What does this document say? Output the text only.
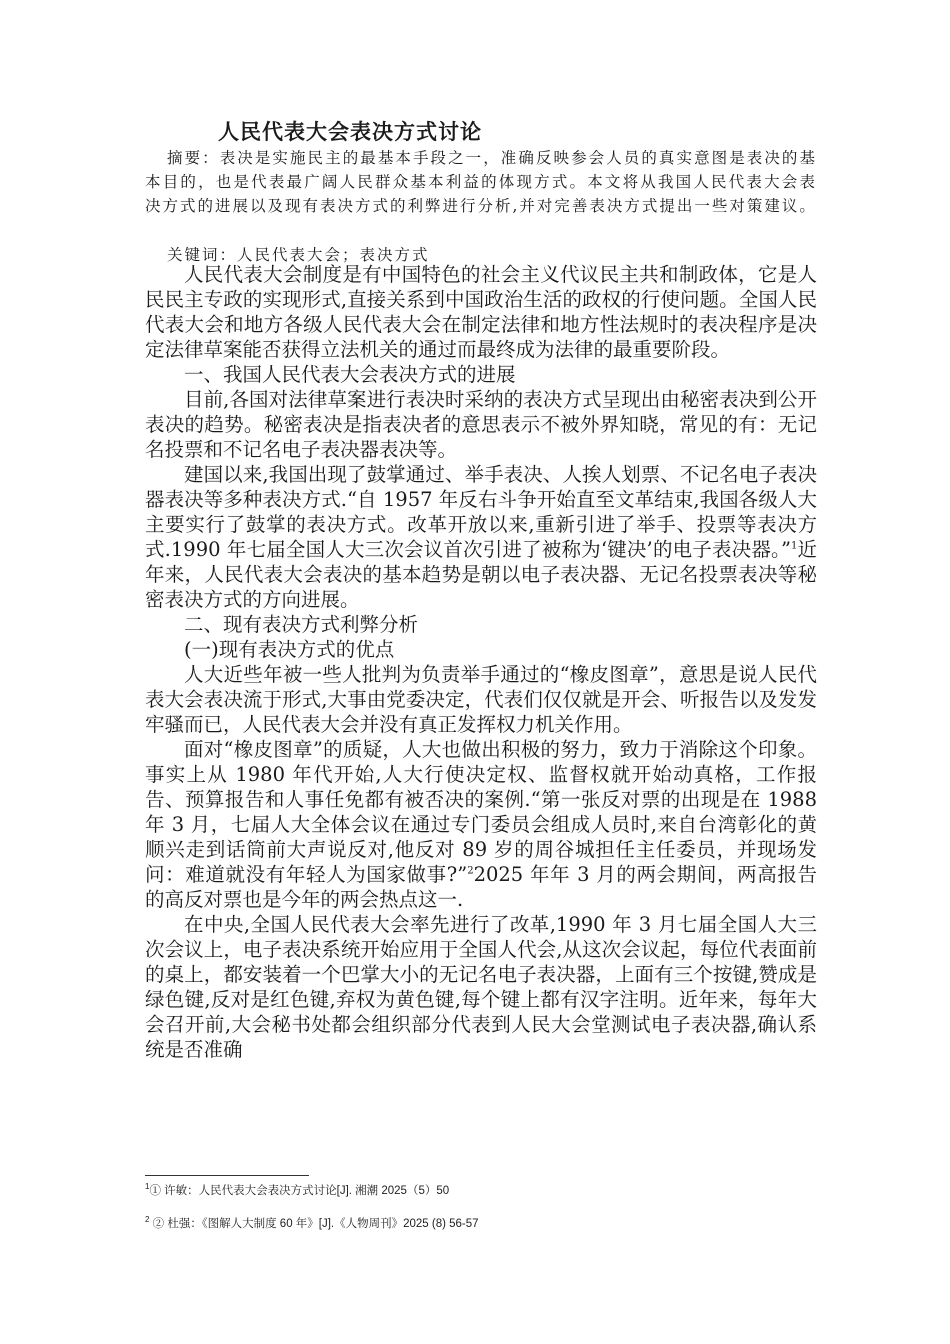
人民代表大会表决方式讨论
摘要：表决是实施民主的最基本手段之一，准确反映参会人员的真实意图是表决的基本目的，也是代表最广阔人民群众基本利益的体现方式。本文将从我国人民代表大会表决方式的进展以及现有表决方式的利弊进行分析,并对完善表决方式提出一些对策建议。
关键词：人民代表大会；表决方式

人民代表大会制度是有中国特色的社会主义代议民主共和制政体，它是人民民主专政的实现形式,直接关系到中国政治生活的政权的行使问题。全国人民代表大会和地方各级人民代表大会在制定法律和地方性法规时的表决程序是决定法律草案能否获得立法机关的通过而最终成为法律的最重要阶段。

一、我国人民代表大会表决方式的进展

目前,各国对法律草案进行表决时采纳的表决方式呈现出由秘密表决到公开表决的趋势。秘密表决是指表决者的意思表示不被外界知晓，常见的有：无记名投票和不记名电子表决器表决等。

建国以来,我国出现了鼓掌通过、举手表决、人挨人划票、不记名电子表决器表决等多种表决方式.“自 1957 年反右斗争开始直至文革结束,我国各级人大主要实行了鼓掌的表决方式。改革开放以来,重新引进了举手、投票等表决方式.1990 年七届全国人大三次会议首次引进了被称为‘键决’的电子表决器。”$^1$近年来，人民代表大会表决的基本趋势是朝以电子表决器、无记名投票表决等秘密表决方式的方向进展。

二、现有表决方式利弊分析

(一)现有表决方式的优点

人大近些年被一些人批判为负责举手通过的“橡皮图章”，意思是说人民代表大会表决流于形式,大事由党委决定，代表们仅仅就是开会、听报告以及发发牢骚而已，人民代表大会并没有真正发挥权力机关作用。

面对“橡皮图章”的质疑，人大也做出积极的努力，致力于消除这个印象。事实上从 1980 年代开始,人大行使决定权、监督权就开始动真格，工作报告、预算报告和人事任免都有被否决的案例.“第一张反对票的出现是在 1988 年 3 月，七届人大全体会议在通过专门委员会组成人员时,来自台湾彰化的黄顺兴走到话筒前大声说反对,他反对 89 岁的周谷城担任主任委员，并现场发问：难道就没有年轻人为国家做事?”$^2$2025 年年 3 月的两会期间，两高报告的高反对票也是今年的两会热点这一.

在中央,全国人民代表大会率先进行了改革,1990 年 3 月七届全国人大三次会议上，电子表决系统开始应用于全国人代会,从这次会议起，每位代表面前的桌上，都安装着一个巴掌大小的无记名电子表决器，上面有三个按键,赞成是绿色键,反对是红色键,弃权为黄色键,每个键上都有汉字注明。近年来，每年大会召开前,大会秘书处都会组织部分代表到人民大会堂测试电子表决器,确认系统是否准确

$^1$① 许敏：人民代表大会表决方式讨论[J]. 湘潮 2025（5）50
$^2$ ② 杜强：《图解人大制度 60 年》[J].《人物周刊》2025 (8) 56-57
